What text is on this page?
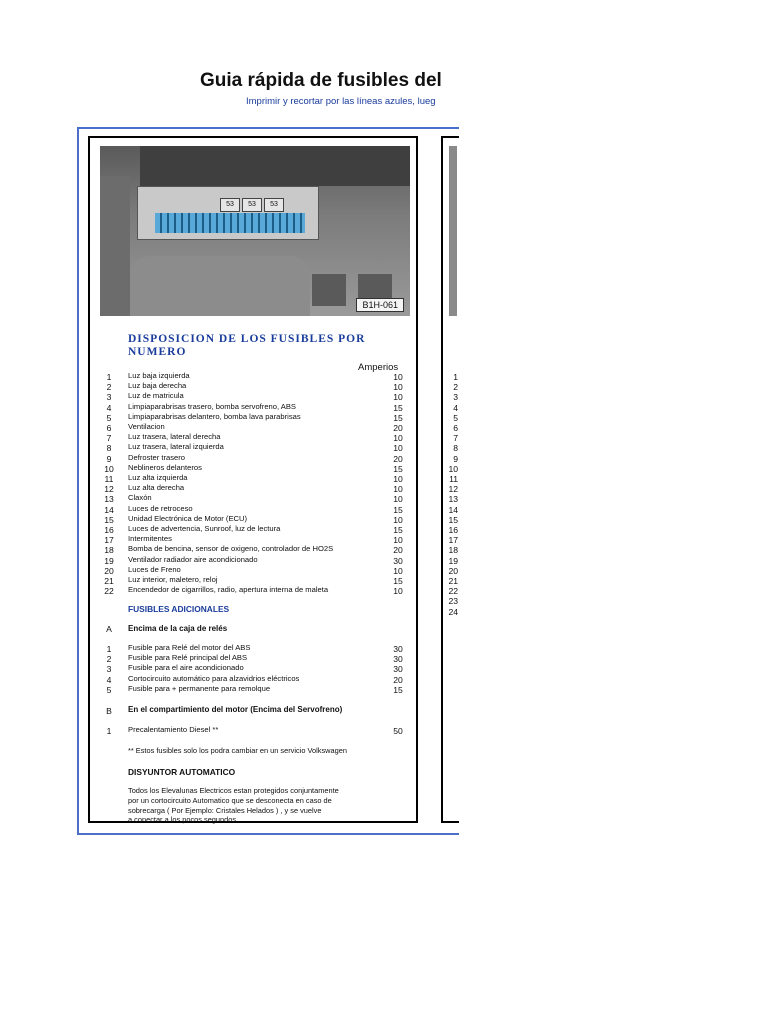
Guia rápida de fusibles del
Imprimir y recortar por las líneas azules, lueg
53	53	53
B1H-061
DISPOSICION DE LOS FUSIBLES POR NUMERO
Amperios
1	Luz baja izquierda	10
2	Luz baja derecha	10
3	Luz de matricula	10
4	Limpiaparabrisas trasero, bomba servofreno, ABS	15
5	Limpiaparabrisas delantero, bomba lava parabrisas	15
6	Ventilacion	20
7	Luz trasera, lateral derecha	10
8	Luz trasera, lateral izquierda	10
9	Defroster trasero	20
10	Neblineros delanteros	15
11	Luz alta izquierda	10
12	Luz alta derecha	10
13	Claxón	10
14	Luces de retroceso	15
15	Unidad Electrónica de Motor (ECU)	10
16	Luces de advertencia, Sunroof, luz de lectura	15
17	Intermitentes	10
18	Bomba de bencina, sensor de oxigeno, controlador de HO2S	20
19	Ventilador radiador aire acondicionado	30
20	Luces de Freno	10
21	Luz interior, maletero, reloj	15
22	Encendedor de cigarrillos, radio, apertura interna de maleta	10
FUSIBLES ADICIONALES
A	Encima de la caja de relés
1	Fusible para Relé del motor del ABS	30
2	Fusible para Relé principal del ABS	30
3	Fusible para el aire acondicionado	30
4	Cortocircuito automático para alzavidrios eléctricos	20
5	Fusible para + permanente para remolque	15
B	En el compartimiento del motor (Encima del Servofreno)
1	Precalentamiento Diesel **	50
** Estos fusibles solo los podra cambiar en un servicio Volkswagen
DISYUNTOR AUTOMATICO
Todos los Elevalunas Electricos estan protegidos conjuntamente
por un cortocircuito Automatico que se desconecta en caso de
sobrecarga ( Por Ejemplo: Cristales Helados ) , y se vuelve
a conectar a los pocos segundos
1
2
3
4
5
6
7
8
9
10
11
12
13
14
15
16
17
18
19
20
21
22
23
24
